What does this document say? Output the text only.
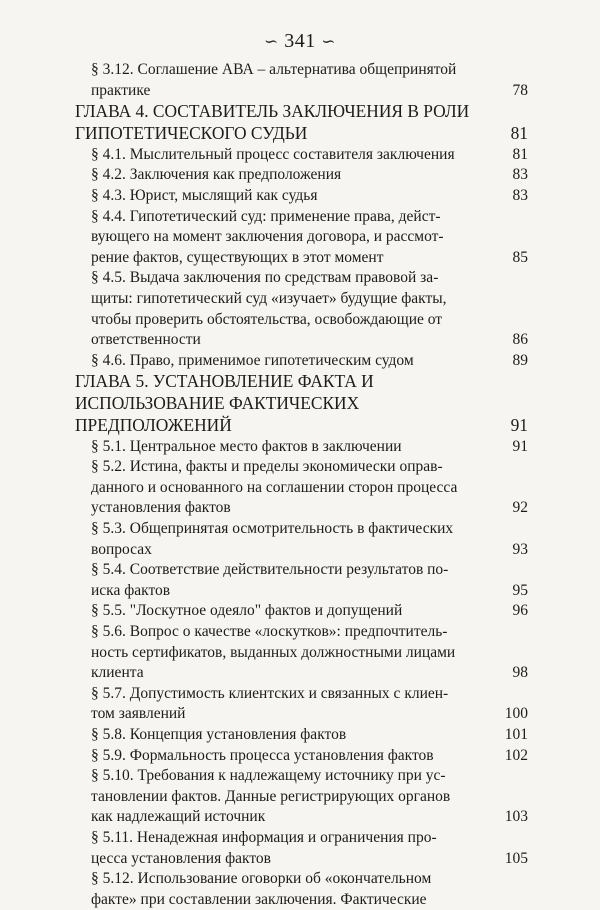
∽ 341 ∽
§ 3.12. Соглашение АВА – альтернатива общепринятой
практике	78
ГЛАВА 4. СОСТАВИТЕЛЬ ЗАКЛЮЧЕНИЯ В РОЛИ
ГИПОТЕТИЧЕСКОГО СУДЬИ	81
§ 4.1. Мыслительный процесс составителя заключения	81
§ 4.2. Заключения как предположения	83
§ 4.3. Юрист, мыслящий как судья	83
§ 4.4. Гипотетический суд: применение права, дейст-
вующего на момент заключения договора, и рассмот-
рение фактов, существующих в этот момент	85
§ 4.5. Выдача заключения по средствам правовой за-
щиты: гипотетический суд «изучает» будущие факты,
чтобы проверить обстоятельства, освобождающие от
ответственности	86
§ 4.6. Право, применимое гипотетическим судом	89
ГЛАВА 5. УСТАНОВЛЕНИЕ ФАКТА И
ИСПОЛЬЗОВАНИЕ ФАКТИЧЕСКИХ
ПРЕДПОЛОЖЕНИЙ	91
§ 5.1. Центральное место фактов в заключении	91
§ 5.2. Истина, факты и пределы экономически оправ-
данного и основанного на соглашении сторон процесса
установления фактов	92
§ 5.3. Общепринятая осмотрительность в фактических
вопросах	93
§ 5.4. Соответствие действительности результатов по-
иска фактов	95
§ 5.5. "Лоскутное одеяло" фактов и допущений	96
§ 5.6. Вопрос о качестве «лоскутков»: предпочтитель-
ность сертификатов, выданных должностными лицами
клиента	98
§ 5.7. Допустимость клиентских и связанных с клиен-
том заявлений	100
§ 5.8. Концепция установления фактов	101
§ 5.9. Формальность процесса установления фактов	102
§ 5.10. Требования к надлежащему источнику при ус-
тановлении фактов. Данные регистрирующих органов
как надлежащий источник	103
§ 5.11. Ненадежная информация и ограничения про-
цесса установления фактов	105
§ 5.12. Использование оговорки об «окончательном
факте» при составлении заключения. Фактические
